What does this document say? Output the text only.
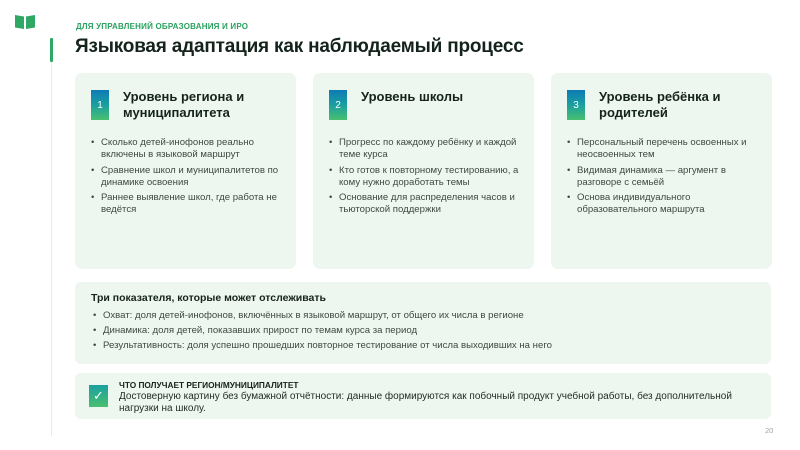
ДЛЯ УПРАВЛЕНИЙ ОБРАЗОВАНИЯ И ИРО
Языковая адаптация как наблюдаемый процесс
1
Уровень региона и муниципалитета
• Сколько детей-инофонов реально включены в языковой маршрут
• Сравнение школ и муниципалитетов по динамике освоения
• Раннее выявление школ, где работа не ведётся
2
Уровень школы
• Прогресс по каждому ребёнку и каждой теме курса
• Кто готов к повторному тестированию, а кому нужно доработать темы
• Основание для распределения часов и тьюторской поддержки
3
Уровень ребёнка и родителей
• Персональный перечень освоенных и неосвоенных тем
• Видимая динамика — аргумент в разговоре с семьёй
• Основа индивидуального образовательного маршрута
Три показателя, которые может отслеживать
• Охват: доля детей-инофонов, включённых в языковой маршрут, от общего их числа в регионе
• Динамика: доля детей, показавших прирост по темам курса за период
• Результативность: доля успешно прошедших повторное тестирование от числа выходивших на него
✓
ЧТО ПОЛУЧАЕТ РЕГИОН/МУНИЦИПАЛИТЕТ
Достоверную картину без бумажной отчётности: данные формируются как побочный продукт учебной работы, без дополнительной нагрузки на школу.
20
